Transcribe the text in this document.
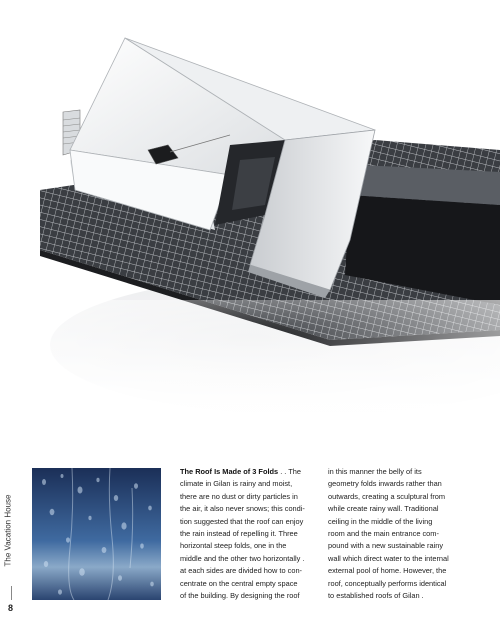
The Vacation House
8
The Roof Is Made of 3 Folds . . The
climate in Gilan is rainy and moist,
there are no dust or dirty particles in
the air, it also never snows; this condi-
tion suggested that the roof can enjoy
the rain instead of repelling it. Three
horizontal steep folds, one in the
middle and the other two horizontally .
at each sides are divided how to con-
centrate on the central empty space
of the building. By designing the roof
in this manner the belly of its
geometry folds inwards rather than
outwards, creating a sculptural from
while create rainy wall. Traditional
ceiling in the middle of the living
room and the main entrance com-
pound with a new sustainable rainy
wall which direct water to the internal
external pool of home. However, the
roof, conceptually performs identical
to established roofs of Gilan .
